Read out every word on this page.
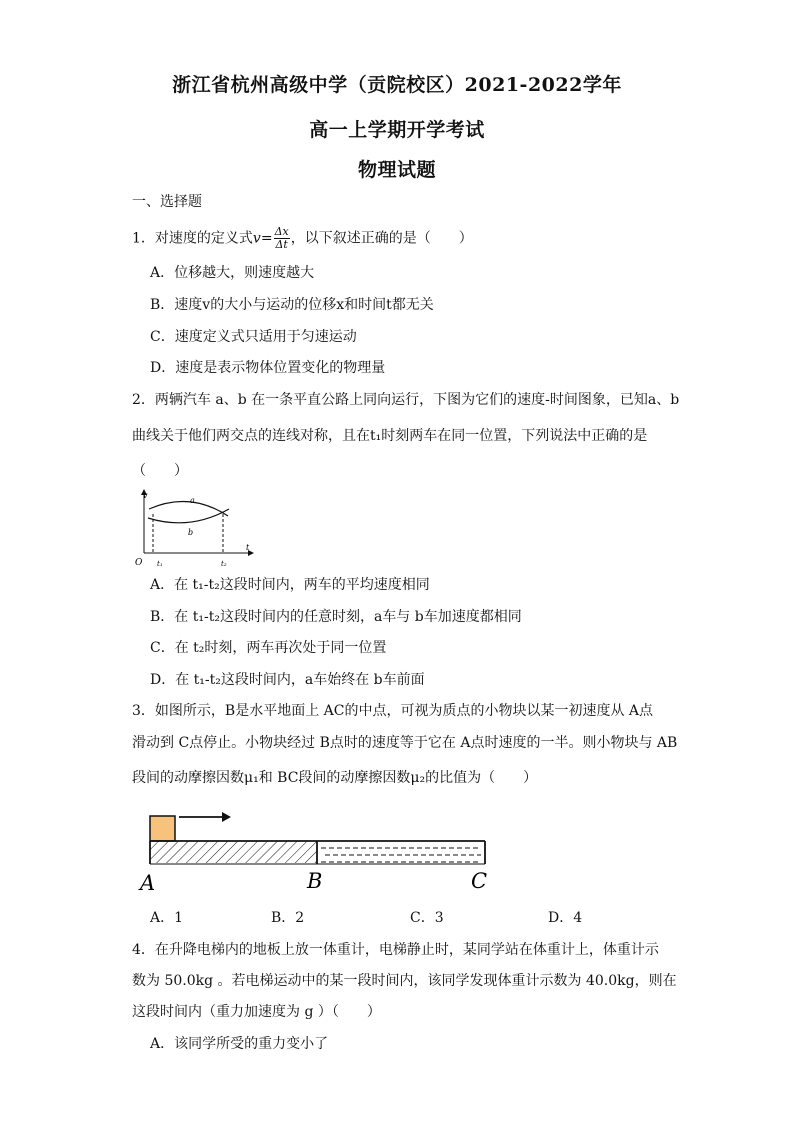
浙江省杭州高级中学（贡院校区）2021-2022学年
高一上学期开学考试
物理试题
一、选择题
1．对速度的定义式$v= \frac{\Delta x}{\Delta t}$ ，以下叙述正确的是（　　）
A．位移越大，则速度越大
B．速度v的大小与运动的位移x和时间t都无关
C．速度定义式只适用于匀速运动
D．速度是表示物体位置变化的物理量
2．两辆汽车 a、b 在一条平直公路上同向运行，下图为它们的速度-时间图象，已知a、b
曲线关于他们两交点的连线对称，且在t₁时刻两车在同一位置，下列说法中正确的是
（　　）
v
t
O
a
b
t₁	t₂
A．在 t₁-t₂这段时间内，两车的平均速度相同
B．在 t₁-t₂这段时间内的任意时刻，a车与 b车加速度都相同
C．在 t₂时刻，两车再次处于同一位置
D．在 t₁-t₂这段时间内，a车始终在 b车前面
3．如图所示，B是水平地面上 AC的中点，可视为质点的小物块以某一初速度从 A点
滑动到 C点停止。小物块经过 B点时的速度等于它在 A点时速度的一半。则小物块与 AB
段间的动摩擦因数μ₁和 BC段间的动摩擦因数μ₂的比值为（　　）
A	B	C
A．1	B．2	C．3	D．4
4．在升降电梯内的地板上放一体重计，电梯静止时，某同学站在体重计上，体重计示
数为 50.0kg 。若电梯运动中的某一段时间内，该同学发现体重计示数为 40.0kg，则在
这段时间内（重力加速度为 g ）（　　）
A．该同学所受的重力变小了
